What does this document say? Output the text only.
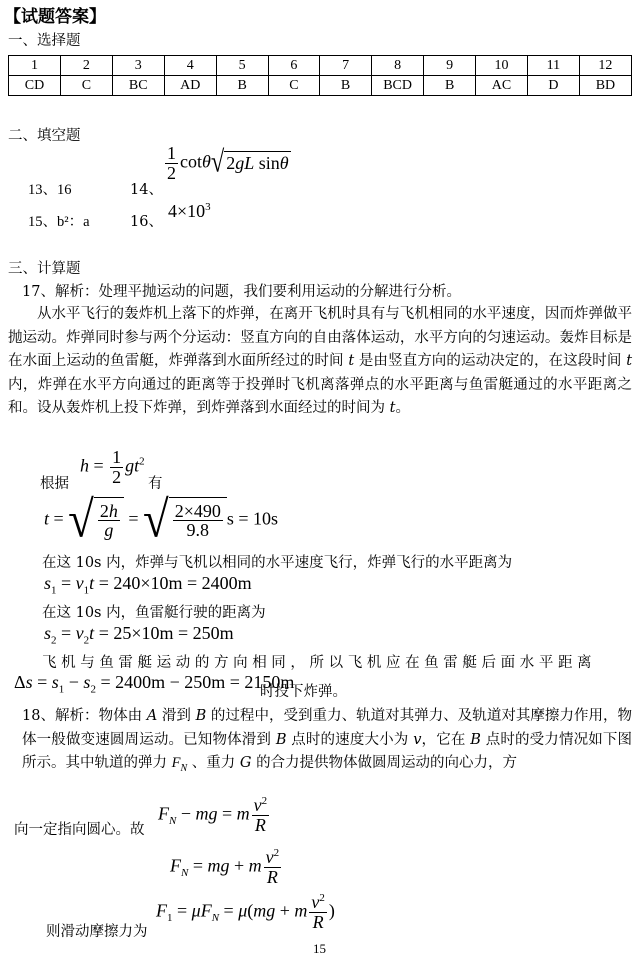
【试题答案】
一、选择题
1	2	3	4	5	6	7	8	9	10	11	12
CD	C	BC	AD	B	C	B	BCD	B	AC	D	BD
二、填空题
$\frac{1}{2}$ cotθ √ 2 gL sin θ
13、16	14、
15、b²：a	16、
$4\times 10^3$
三、计算题
17、解析：处理平抛运动的问题，我们要利用运动的分解进行分析。
从水平飞行的轰炸机上落下的炸弹，在离开飞机时具有与飞机相同的水平速度，因而炸弹做平抛运动。炸弹同时参与两个分运动：竖直方向的自由落体运动，水平方向的匀速运动。轰炸目标是在水面上运动的鱼雷艇，炸弹落到水面所经过的时间 t 是由竖直方向的运动决定的，在这段时间 t 内，炸弹在水平方向通过的距离等于投弹时飞机离落弹点的水平距离与鱼雷艇通过的水平距离之和。设从轰炸机上投下炸弹，到炸弹落到水面经过的时间为 t。
$h = \frac{1}{2} gt^2$
根据	有
t = √ $\frac{2h}{g}$ = √ $\frac{2\times 490}{9.8}$ s = 10s
在这 10s 内，炸弹与飞机以相同的水平速度飞行，炸弹飞行的水平距离为
$s_1 = v_1t = 240\times 10m = 2400m$
在这 10s 内，鱼雷艇行驶的距离为
$s_2 = v_2t = 25\times 10m = 250m$
飞 机 与 鱼 雷 艇 运 动 的 方 向 相 同 ， 所 以 飞 机 应 在 鱼 雷 艇 后 面 水 平 距 离
$\Delta s = s_1 - s_2 = 2400m - 250m = 2150m$
时投下炸弹。
18、解析：物体由 A 滑到 B 的过程中，受到重力、轨道对其弹力、及轨道对其摩擦力作用，物体一般做变速圆周运动。已知物体滑到 B 点时的速度大小为 v，它在 B 点时的受力情况如下图所示。其中轨道的弹力 $F_N$ 、重力 G 的合力提供物体做圆周运动的向心力，方
$F_N$ − mg = m $\frac{v^2}{R}$
向一定指向圆心。故
$F_N$ = mg + m $\frac{v^2}{R}$
$F_1 = \mu F_N = \mu(mg + m \frac{v^2}{R}$ )
则滑动摩擦力为
15
